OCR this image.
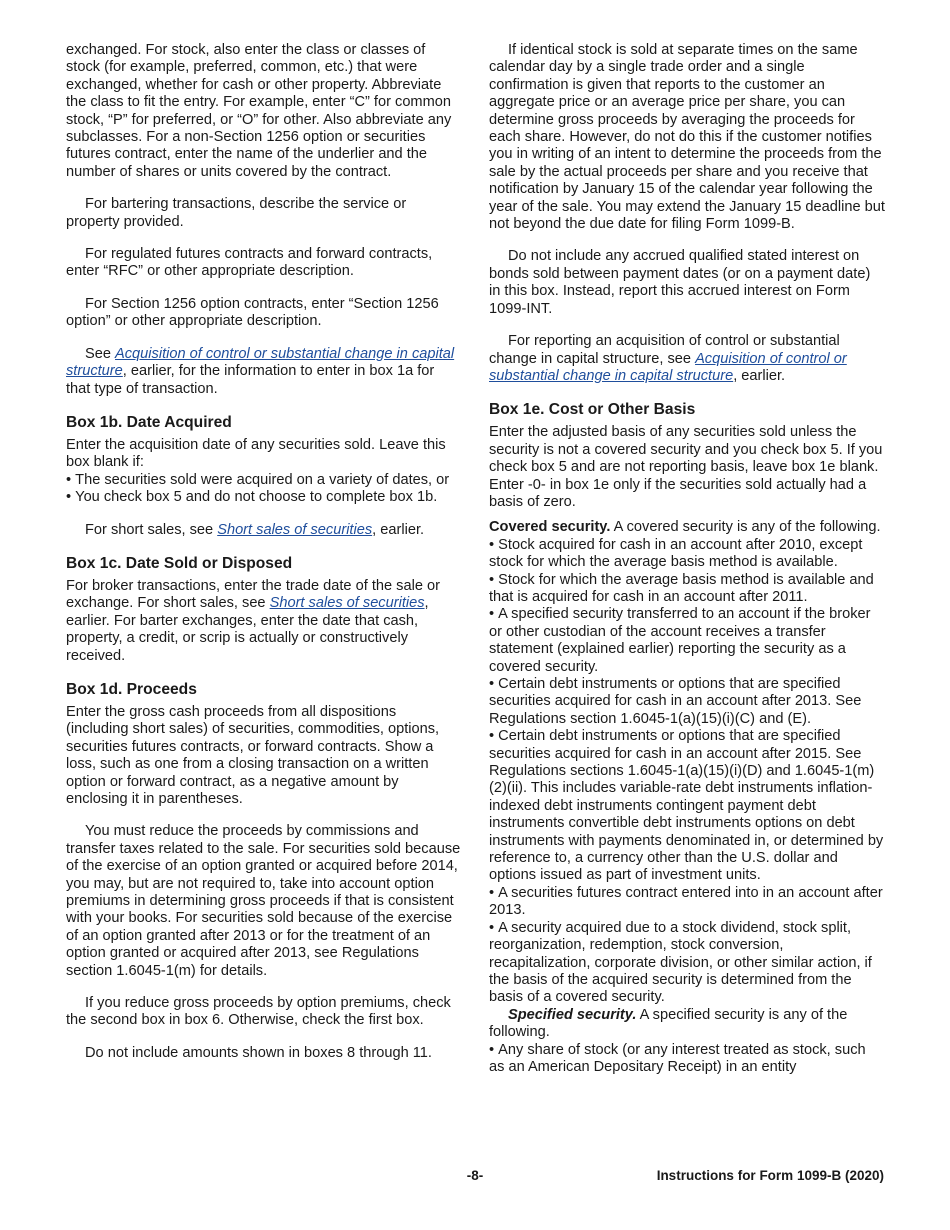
exchanged. For stock, also enter the class or classes of stock (for example, preferred, common, etc.) that were exchanged, whether for cash or other property. Abbreviate the class to fit the entry. For example, enter “C” for common stock, “P” for preferred, or “O” for other. Also abbreviate any subclasses. For a non-Section 1256 option or securities futures contract, enter the name of the underlier and the number of shares or units covered by the contract.

For bartering transactions, describe the service or property provided.

For regulated futures contracts and forward contracts, enter “RFC” or other appropriate description.

For Section 1256 option contracts, enter “Section 1256 option” or other appropriate description.

See Acquisition of control or substantial change in capital structure, earlier, for the information to enter in box 1a for that type of transaction.

Box 1b. Date Acquired

Enter the acquisition date of any securities sold. Leave this box blank if:

• The securities sold were acquired on a variety of dates, or

• You check box 5 and do not choose to complete box 1b.

For short sales, see Short sales of securities, earlier.

Box 1c. Date Sold or Disposed

For broker transactions, enter the trade date of the sale or exchange. For short sales, see Short sales of securities, earlier. For barter exchanges, enter the date that cash, property, a credit, or scrip is actually or constructively received.

Box 1d. Proceeds

Enter the gross cash proceeds from all dispositions (including short sales) of securities, commodities, options, securities futures contracts, or forward contracts. Show a loss, such as one from a closing transaction on a written option or forward contract, as a negative amount by enclosing it in parentheses.

You must reduce the proceeds by commissions and transfer taxes related to the sale. For securities sold because of the exercise of an option granted or acquired before 2014, you may, but are not required to, take into account option premiums in determining gross proceeds if that is consistent with your books. For securities sold because of the exercise of an option granted after 2013 or for the treatment of an option granted or acquired after 2013, see Regulations section 1.6045-1(m) for details.

If you reduce gross proceeds by option premiums, check the second box in box 6. Otherwise, check the first box.

Do not include amounts shown in boxes 8 through 11.

If identical stock is sold at separate times on the same calendar day by a single trade order and a single confirmation is given that reports to the customer an aggregate price or an average price per share, you can determine gross proceeds by averaging the proceeds for each share. However, do not do this if the customer notifies you in writing of an intent to determine the proceeds from the sale by the actual proceeds per share and you receive that notification by January 15 of the calendar year following the year of the sale. You may extend the January 15 deadline but not beyond the due date for filing Form 1099-B.

Do not include any accrued qualified stated interest on bonds sold between payment dates (or on a payment date) in this box. Instead, report this accrued interest on Form 1099-INT.

For reporting an acquisition of control or substantial change in capital structure, see Acquisition of control or substantial change in capital structure, earlier.

Box 1e. Cost or Other Basis

Enter the adjusted basis of any securities sold unless the security is not a covered security and you check box 5. If you check box 5 and are not reporting basis, leave box 1e blank. Enter -0- in box 1e only if the securities sold actually had a basis of zero.

Covered security. A covered security is any of the following.

• Stock acquired for cash in an account after 2010, except stock for which the average basis method is available.

• Stock for which the average basis method is available and that is acquired for cash in an account after 2011.

• A specified security transferred to an account if the broker or other custodian of the account receives a transfer statement (explained earlier) reporting the security as a covered security.

• Certain debt instruments or options that are specified securities acquired for cash in an account after 2013. See Regulations section 1.6045-1(a)(15)(i)(C) and (E).

• Certain debt instruments or options that are specified securities acquired for cash in an account after 2015. See Regulations sections 1.6045-1(a)(15)(i)(D) and 1.6045-1(m)(2)(ii). This includes variable-rate debt instruments inflation-indexed debt instruments contingent payment debt instruments convertible debt instruments options on debt instruments with payments denominated in, or determined by reference to, a currency other than the U.S. dollar and options issued as part of investment units.

• A securities futures contract entered into in an account after 2013.

• A security acquired due to a stock dividend, stock split, reorganization, redemption, stock conversion, recapitalization, corporate division, or other similar action, if the basis of the acquired security is determined from the basis of a covered security.

Specified security. A specified security is any of the following.

• Any share of stock (or any interest treated as stock, such as an American Depositary Receipt) in an entity

-8-	Instructions for Form 1099-B (2020)
